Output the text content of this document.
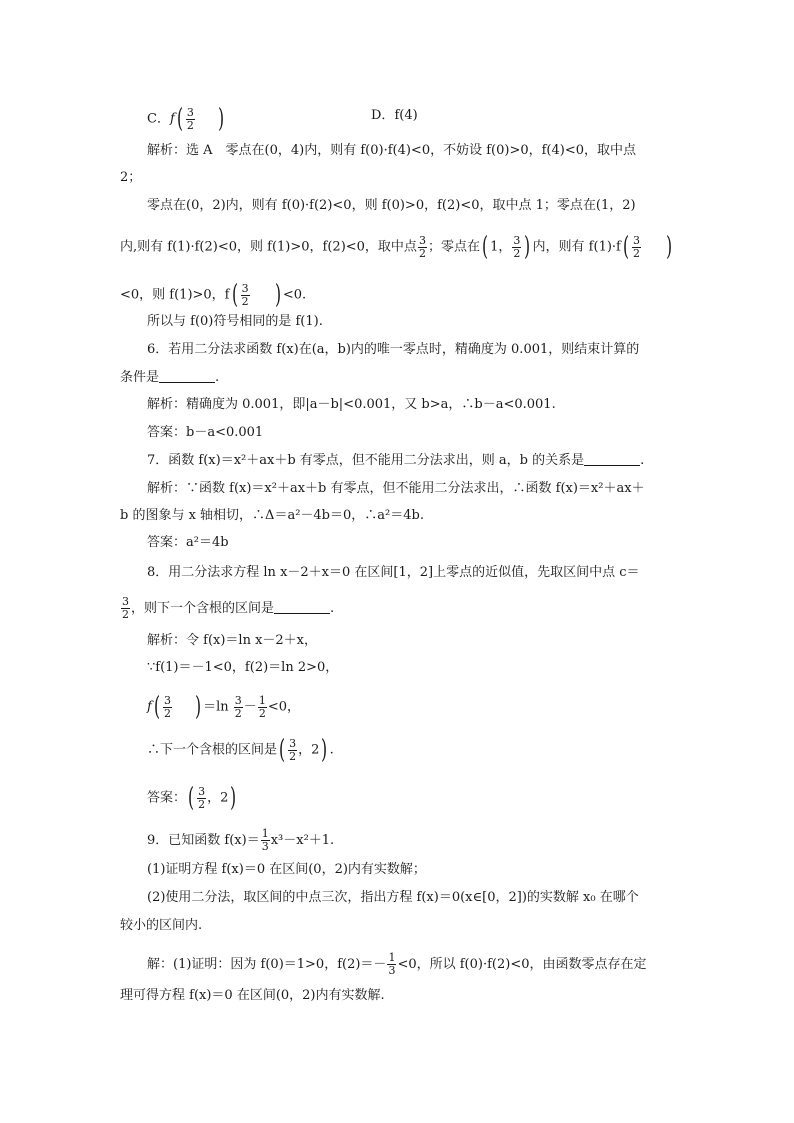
C．$f( \frac{3}{2}$ )	D．f(4)
解析：选 A　零点在(0，4)内，则有 f(0)·f(4)<0，不妨设 f(0)>0，f(4)<0，取中点
2；
零点在(0，2)内，则有 f(0)·f(2)<0，则 f(0)>0，f(2)<0，取中点 1；零点在(1，2)
内,则有 f(1)·f(2)<0，则 f(1)>0，f(2)<0，取中点 $\frac{3}{2}$ ；零点在( 1， $\frac{3}{2}$ ) 内，则有 $f(1)\cdot f( \frac{3}{2}$ )
<0，则 f(1)>0，$f( \frac{3}{2}$ ) <0.
所以与 f(0)符号相同的是 f(1).
6．若用二分法求函数 f(x)在(a，b)内的唯一零点时，精确度为 0.001，则结束计算的
条件是	.
解析：精确度为 0.001，即|a－b|<0.001，又 b>a，∴b－a<0.001.
答案：b－a<0.001
7．函数 f(x)＝x²＋ax＋b 有零点，但不能用二分法求出，则 a，b 的关系是	.
解析：∵函数 f(x)＝x²＋ax＋b 有零点，但不能用二分法求出，∴函数 f(x)＝x²＋ax＋
b 的图象与 x 轴相切，∴Δ＝a²－4b＝0，∴a²＝4b.
答案：a²＝4b
8．用二分法求方程 ln x－2＋x＝0 在区间[1，2]上零点的近似值，先取区间中点 c＝
$\frac{3}{2}$ ，则下一个含根的区间是	.
解析：令 f(x)＝ln x－2＋x，
∵f(1)＝－1<0，f(2)＝ln 2>0，
$f( \frac{3}{2}$ ) $=\ln \frac{3}{2} - \frac{1}{2} <0$，
∴下一个含根的区间是( $\frac{3}{2}$ ，2) .
答案：( $\frac{3}{2}$ ，2)
9．已知函数 $f(x)= \frac{1}{3} x^3-x^2+1$.
(1)证明方程 f(x)＝0 在区间(0，2)内有实数解；
(2)使用二分法，取区间的中点三次，指出方程 f(x)＝0(x∈[0，2])的实数解 x₀ 在哪个
较小的区间内.
解：(1)证明：因为 f(0)＝1>0，$f(2)=- \frac{1}{3} <0$，所以 f(0)·f(2)<0，由函数零点存在定
理可得方程 f(x)＝0 在区间(0，2)内有实数解.
